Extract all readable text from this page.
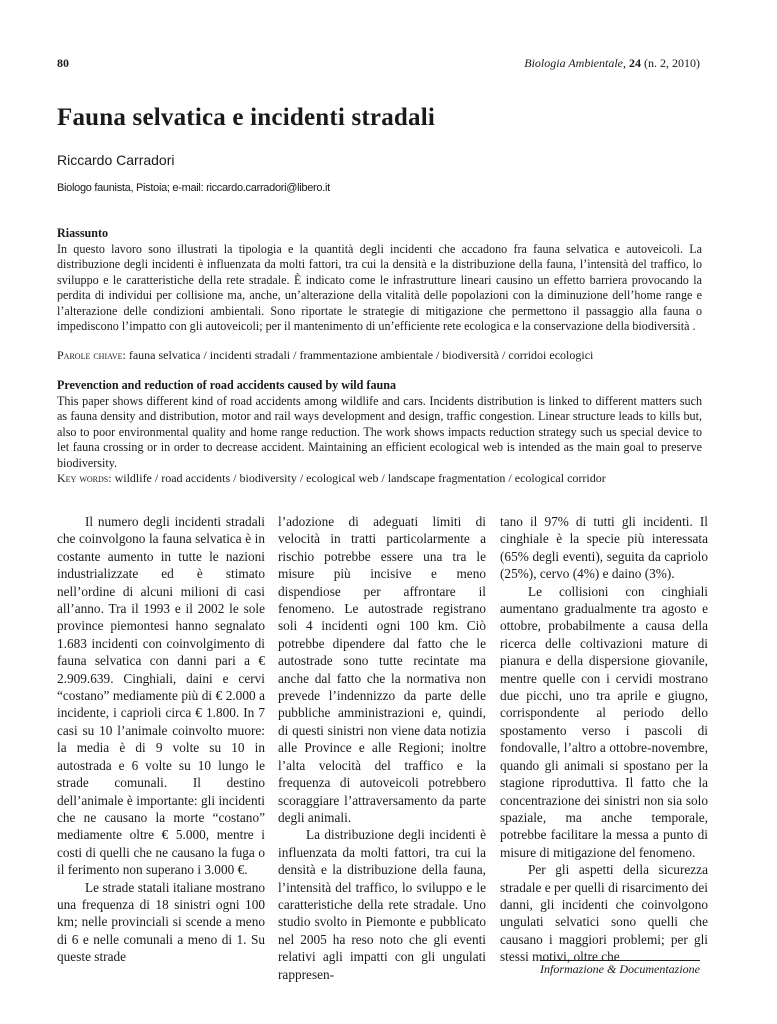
80	Biologia Ambientale, 24 (n. 2, 2010)
Fauna selvatica e incidenti stradali
Riccardo Carradori
Biologo faunista, Pistoia; e-mail: riccardo.carradori@libero.it

Riassunto
In questo lavoro sono illustrati la tipologia e la quantità degli incidenti che accadono fra fauna selvatica e autoveicoli. La distribuzione degli incidenti è influenzata da molti fattori, tra cui la densità e la distribuzione della fauna, l’intensità del traffico, lo sviluppo e le caratteristiche della rete stradale. È indicato come le infrastrutture lineari causino un effetto barriera provocando la perdita di individui per collisione ma, anche, un’alterazione della vitalità delle popolazioni con la diminuzione dell’home range e l’alterazione delle condizioni ambientali. Sono riportate le strategie di mitigazione che permettono il passaggio alla fauna o impediscono l’impatto con gli autoveicoli; per il mantenimento di un’efficiente rete ecologica e la conservazione della biodiversità .

Parole chiave: fauna selvatica / incidenti stradali / frammentazione ambientale / biodiversità / corridoi ecologici

Prevenction and reduction of road accidents caused by wild fauna
This paper shows different kind of road accidents among wildlife and cars. Incidents distribution is linked to different matters such as fauna density and distribution, motor and rail ways development and design, traffic congestion. Linear structure leads to kills but, also to poor environmental quality and home range reduction. The work shows impacts reduction strategy such us special device to let fauna crossing or in order to decrease accident. Maintaining an efficient ecological web is intended as the main goal to preserve biodiversity.

Key words: wildlife / road accidents / biodiversity / ecological web / landscape fragmentation / ecological corridor

Il numero degli incidenti stradali che coinvolgono la fauna selvatica è in costante aumento in tutte le nazioni industrializzate ed è stimato nell’ordine di alcuni milioni di casi all’anno. Tra il 1993 e il 2002 le sole province piemontesi hanno segnalato 1.683 incidenti con coinvolgimento di fauna selvatica con danni pari a € 2.909.639. Cinghiali, daini e cervi “costano” mediamente più di € 2.000 a incidente, i caprioli circa € 1.800. In 7 casi su 10 l’animale coinvolto muore: la media è di 9 volte su 10 in autostrada e 6 volte su 10 lungo le strade comunali. Il destino dell’animale è importante: gli incidenti che ne causano la morte “costano” mediamente oltre € 5.000, mentre i costi di quelli che ne causano la fuga o il ferimento non superano i 3.000 €.

Le strade statali italiane mostrano una frequenza di 18 sinistri ogni 100 km; nelle provinciali si scende a meno di 6 e nelle comunali a meno di 1. Su queste strade

l’adozione di adeguati limiti di velocità in tratti particolarmente a rischio potrebbe essere una tra le misure più incisive e meno dispendiose per affrontare il fenomeno. Le autostrade registrano soli 4 incidenti ogni 100 km. Ciò potrebbe dipendere dal fatto che le autostrade sono tutte recintate ma anche dal fatto che la normativa non prevede l’indennizzo da parte delle pubbliche amministrazioni e, quindi, di questi sinistri non viene data notizia alle Province e alle Regioni; inoltre l’alta velocità del traffico e la frequenza di autoveicoli potrebbero scoraggiare l’attraversamento da parte degli animali.

La distribuzione degli incidenti è influenzata da molti fattori, tra cui la densità e la distribuzione della fauna, l’intensità del traffico, lo sviluppo e le caratteristiche della rete stradale. Uno studio svolto in Piemonte e pubblicato nel 2005 ha reso noto che gli eventi relativi agli impatti con gli ungulati rappresen-

tano il 97% di tutti gli incidenti. Il cinghiale è la specie più interessata (65% degli eventi), seguita da capriolo (25%), cervo (4%) e daino (3%).

Le collisioni con cinghiali aumentano gradualmente tra agosto e ottobre, probabilmente a causa della ricerca delle coltivazioni mature di pianura e della dispersione giovanile, mentre quelle con i cervidi mostrano due picchi, uno tra aprile e giugno, corrispondente al periodo dello spostamento verso i pascoli di fondovalle, l’altro a ottobre-novembre, quando gli animali si spostano per la stagione riproduttiva. Il fatto che la concentrazione dei sinistri non sia solo spaziale, ma anche temporale, potrebbe facilitare la messa a punto di misure di mitigazione del fenomeno.

Per gli aspetti della sicurezza stradale e per quelli di risarcimento dei danni, gli incidenti che coinvolgono ungulati selvatici sono quelli che causano i maggiori problemi; per gli stessi motivi, oltre che

Informazione & Documentazione
